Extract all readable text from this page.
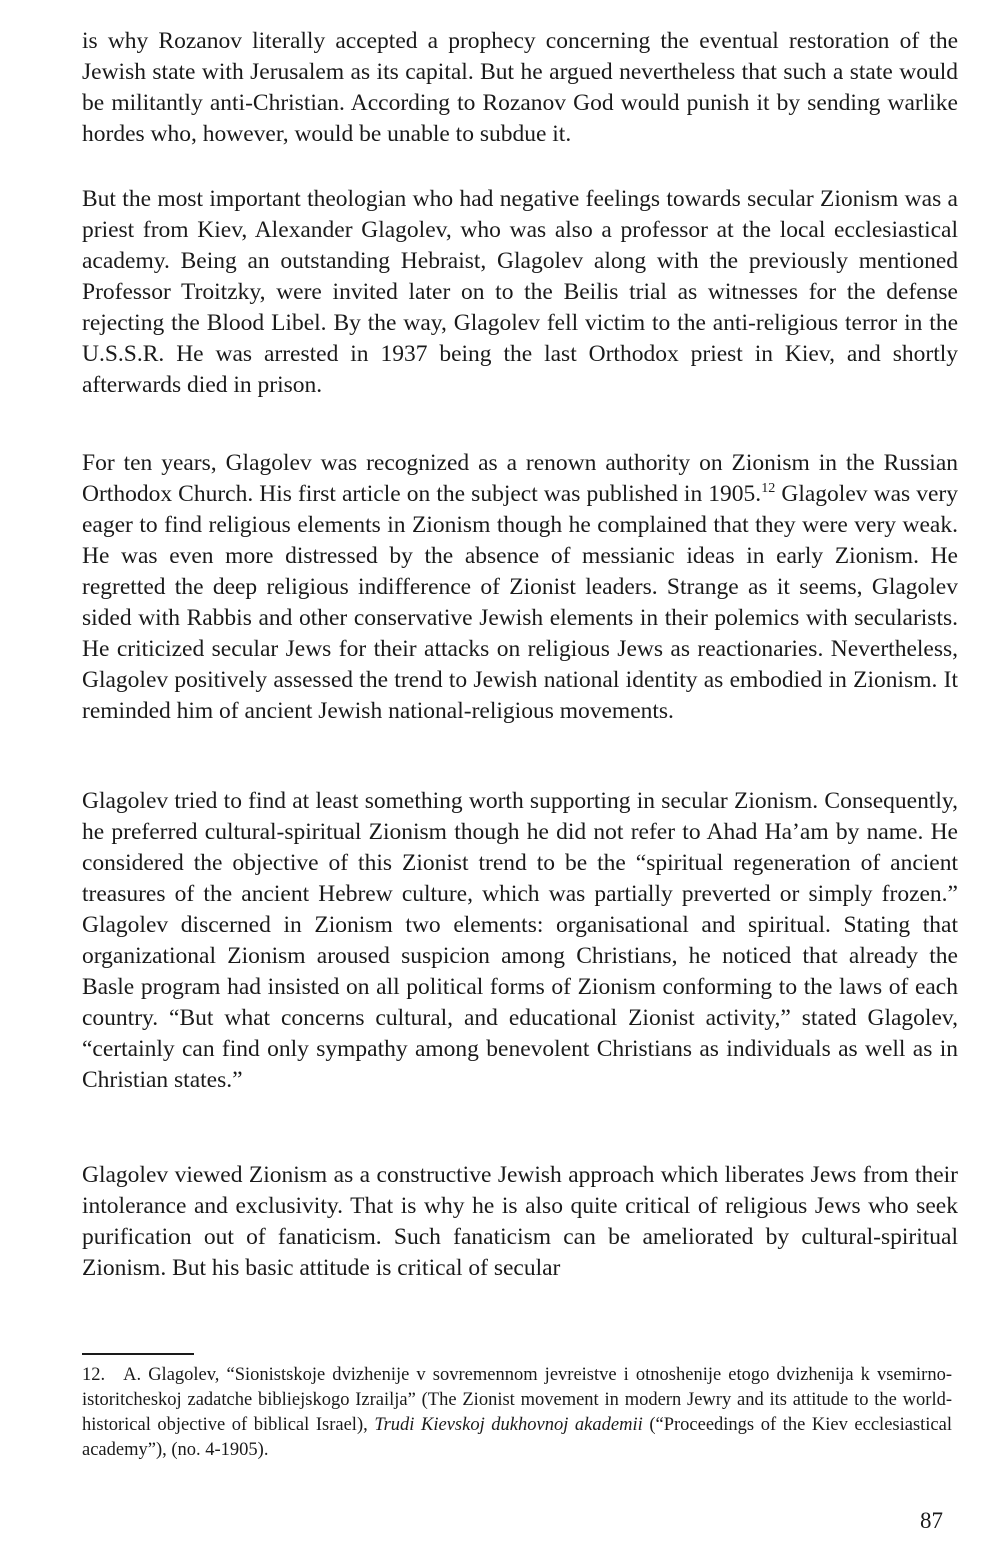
is why Rozanov literally accepted a prophecy concerning the eventual restoration of the Jewish state with Jerusalem as its capital. But he argued nevertheless that such a state would be militantly anti-Christian. According to Rozanov God would punish it by sending warlike hordes who, however, would be unable to subdue it.

But the most important theologian who had negative feelings towards secular Zionism was a priest from Kiev, Alexander Glagolev, who was also a professor at the local ecclesiastical academy. Being an outstanding Hebraist, Glagolev along with the previously mentioned Professor Troitzky, were invited later on to the Beilis trial as witnesses for the defense rejecting the Blood Libel. By the way, Glagolev fell victim to the anti-religious terror in the U.S.S.R. He was arrested in 1937 being the last Orthodox priest in Kiev, and shortly afterwards died in prison.

For ten years, Glagolev was recognized as a renown authority on Zionism in the Russian Orthodox Church. His first article on the subject was published in 1905.12 Glagolev was very eager to find religious elements in Zionism though he complained that they were very weak. He was even more distressed by the absence of messianic ideas in early Zionism. He regretted the deep religious indifference of Zionist leaders. Strange as it seems, Glagolev sided with Rabbis and other conservative Jewish elements in their polemics with secularists. He criticized secular Jews for their attacks on religious Jews as reactionaries. Nevertheless, Glagolev positively assessed the trend to Jewish national identity as embodied in Zionism. It reminded him of ancient Jewish national-religious movements.

Glagolev tried to find at least something worth supporting in secular Zionism. Consequently, he preferred cultural-spiritual Zionism though he did not refer to Ahad Ha’am by name. He considered the objective of this Zionist trend to be the “spiritual regeneration of ancient treasures of the ancient Hebrew culture, which was partially preverted or simply frozen.” Glagolev discerned in Zionism two elements: organisational and spiritual. Stating that organizational Zionism aroused suspicion among Christians, he noticed that already the Basle program had insisted on all political forms of Zionism conforming to the laws of each country. “But what concerns cultural, and educational Zionist activity,” stated Glagolev, “certainly can find only sympathy among benevolent Christians as individuals as well as in Christian states.”

Glagolev viewed Zionism as a constructive Jewish approach which liberates Jews from their intolerance and exclusivity. That is why he is also quite critical of religious Jews who seek purification out of fanaticism. Such fanaticism can be ameliorated by cultural-spiritual Zionism. But his basic attitude is critical of secular

12. A. Glagolev, “Sionistskoje dvizhenije v sovremennom jevreistve i otnoshenije etogo dvizhenija k vsemirno-istoritcheskoj zadatche bibliejskogo Izrailja” (The Zionist movement in modern Jewry and its attitude to the world-historical objective of biblical Israel), Trudi Kievskoj dukhovnoj akademii (“Proceedings of the Kiev ecclesiastical academy”), (no. 4-1905).

87
